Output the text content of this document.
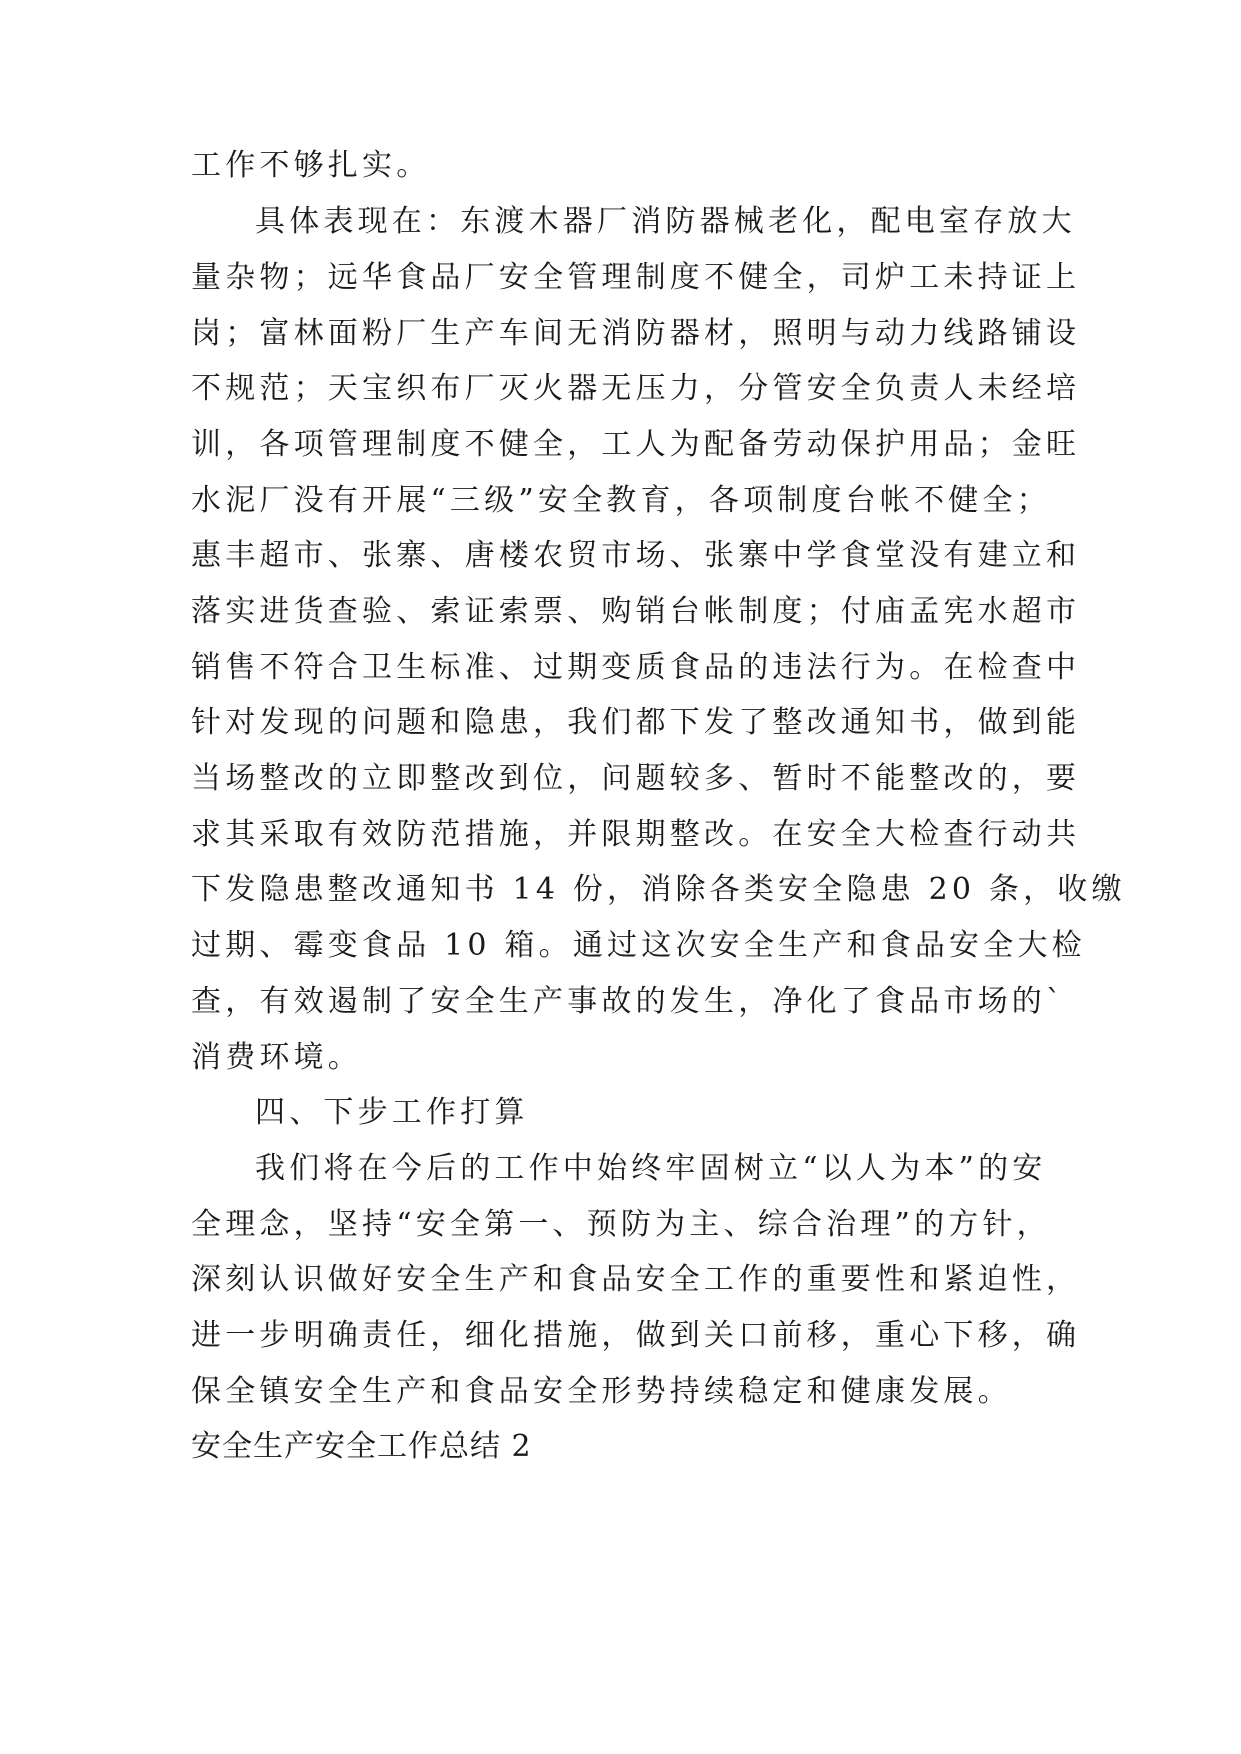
工作不够扎实。
具体表现在：东渡木器厂消防器械老化，配电室存放大
量杂物；远华食品厂安全管理制度不健全，司炉工未持证上
岗；富林面粉厂生产车间无消防器材，照明与动力线路铺设
不规范；天宝织布厂灭火器无压力，分管安全负责人未经培
训，各项管理制度不健全，工人为配备劳动保护用品；金旺
水泥厂没有开展“三级”安全教育，各项制度台帐不健全；
惠丰超市、张寨、唐楼农贸市场、张寨中学食堂没有建立和
落实进货查验、索证索票、购销台帐制度；付庙孟宪水超市
销售不符合卫生标准、过期变质食品的违法行为。在检查中
针对发现的问题和隐患，我们都下发了整改通知书，做到能
当场整改的立即整改到位，问题较多、暂时不能整改的，要
求其采取有效防范措施，并限期整改。在安全大检查行动共
下发隐患整改通知书 14 份，消除各类安全隐患 20 条，收缴
过期、霉变食品 10 箱。通过这次安全生产和食品安全大检
查，有效遏制了安全生产事故的发生，净化了食品市场的`
消费环境。
四、下步工作打算
我们将在今后的工作中始终牢固树立“以人为本”的安
全理念，坚持“安全第一、预防为主、综合治理”的方针，
深刻认识做好安全生产和食品安全工作的重要性和紧迫性，
进一步明确责任，细化措施，做到关口前移，重心下移，确
保全镇安全生产和食品安全形势持续稳定和健康发展。
安全生产安全工作总结 2
